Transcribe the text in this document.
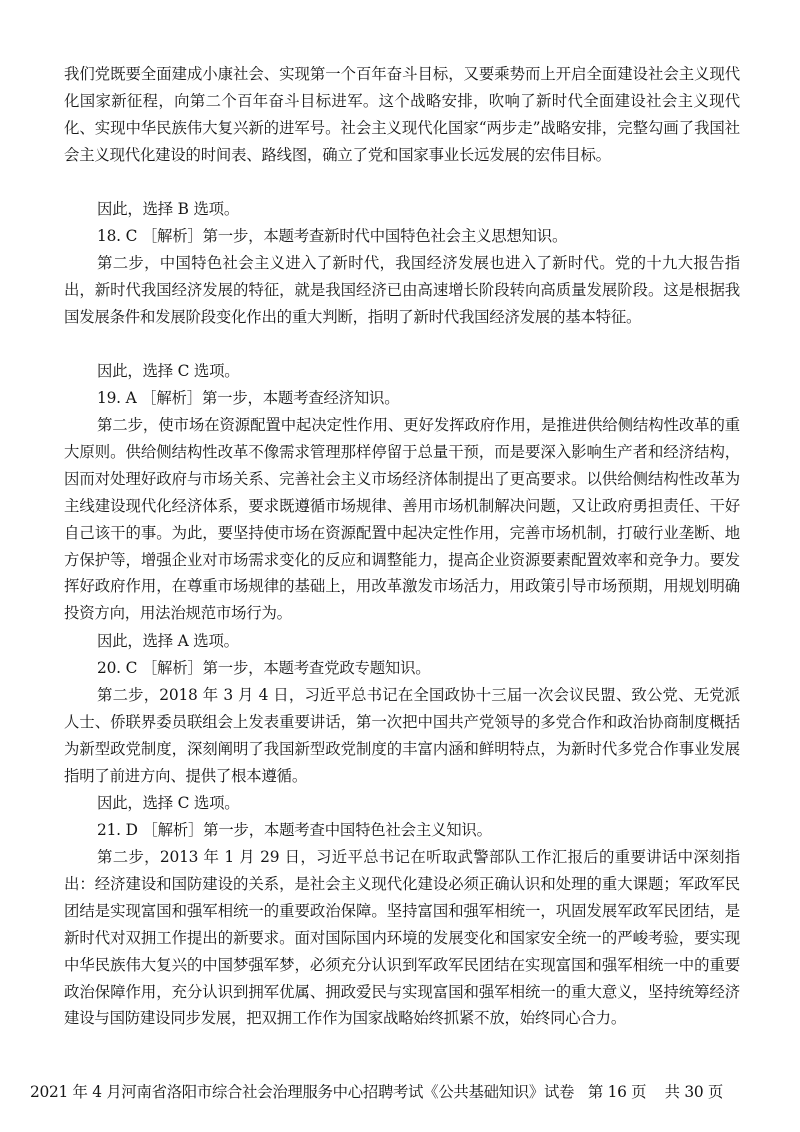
我们党既要全面建成小康社会、实现第一个百年奋斗目标，又要乘势而上开启全面建设社会主义现代化国家新征程，向第二个百年奋斗目标进军。这个战略安排，吹响了新时代全面建设社会主义现代化、实现中华民族伟大复兴新的进军号。社会主义现代化国家“两步走”战略安排，完整勾画了我国社会主义现代化建设的时间表、路线图，确立了党和国家事业长远发展的宏伟目标。

因此，选择 B 选项。

18. C ［解析］第一步，本题考查新时代中国特色社会主义思想知识。

第二步，中国特色社会主义进入了新时代，我国经济发展也进入了新时代。党的十九大报告指出，新时代我国经济发展的特征，就是我国经济已由高速增长阶段转向高质量发展阶段。这是根据我国发展条件和发展阶段变化作出的重大判断，指明了新时代我国经济发展的基本特征。

因此，选择 C 选项。

19. A ［解析］第一步，本题考查经济知识。

第二步，使市场在资源配置中起决定性作用、更好发挥政府作用，是推进供给侧结构性改革的重大原则。供给侧结构性改革不像需求管理那样停留于总量干预，而是要深入影响生产者和经济结构，因而对处理好政府与市场关系、完善社会主义市场经济体制提出了更高要求。以供给侧结构性改革为主线建设现代化经济体系，要求既遵循市场规律、善用市场机制解决问题，又让政府勇担责任、干好自己该干的事。为此，要坚持使市场在资源配置中起决定性作用，完善市场机制，打破行业垄断、地方保护等，增强企业对市场需求变化的反应和调整能力，提高企业资源要素配置效率和竞争力。要发挥好政府作用，在尊重市场规律的基础上，用改革激发市场活力，用政策引导市场预期，用规划明确投资方向，用法治规范市场行为。

因此，选择 A 选项。

20. C ［解析］第一步，本题考查党政专题知识。

第二步，2018 年 3 月 4 日，习近平总书记在全国政协十三届一次会议民盟、致公党、无党派人士、侨联界委员联组会上发表重要讲话，第一次把中国共产党领导的多党合作和政治协商制度概括为新型政党制度，深刻阐明了我国新型政党制度的丰富内涵和鲜明特点，为新时代多党合作事业发展指明了前进方向、提供了根本遵循。

因此，选择 C 选项。

21. D ［解析］第一步，本题考查中国特色社会主义知识。

第二步，2013 年 1 月 29 日，习近平总书记在听取武警部队工作汇报后的重要讲话中深刻指出：经济建设和国防建设的关系，是社会主义现代化建设必须正确认识和处理的重大课题；军政军民团结是实现富国和强军相统一的重要政治保障。坚持富国和强军相统一，巩固发展军政军民团结，是新时代对双拥工作提出的新要求。面对国际国内环境的发展变化和国家安全统一的严峻考验，要实现中华民族伟大复兴的中国梦强军梦，必须充分认识到军政军民团结在实现富国和强军相统一中的重要政治保障作用，充分认识到拥军优属、拥政爱民与实现富国和强军相统一的重大意义，坚持统筹经济建设与国防建设同步发展，把双拥工作作为国家战略始终抓紧不放，始终同心合力。

2021 年 4 月河南省洛阳市综合社会治理服务中心招聘考试《公共基础知识》试卷 第 16 页 共 30 页
